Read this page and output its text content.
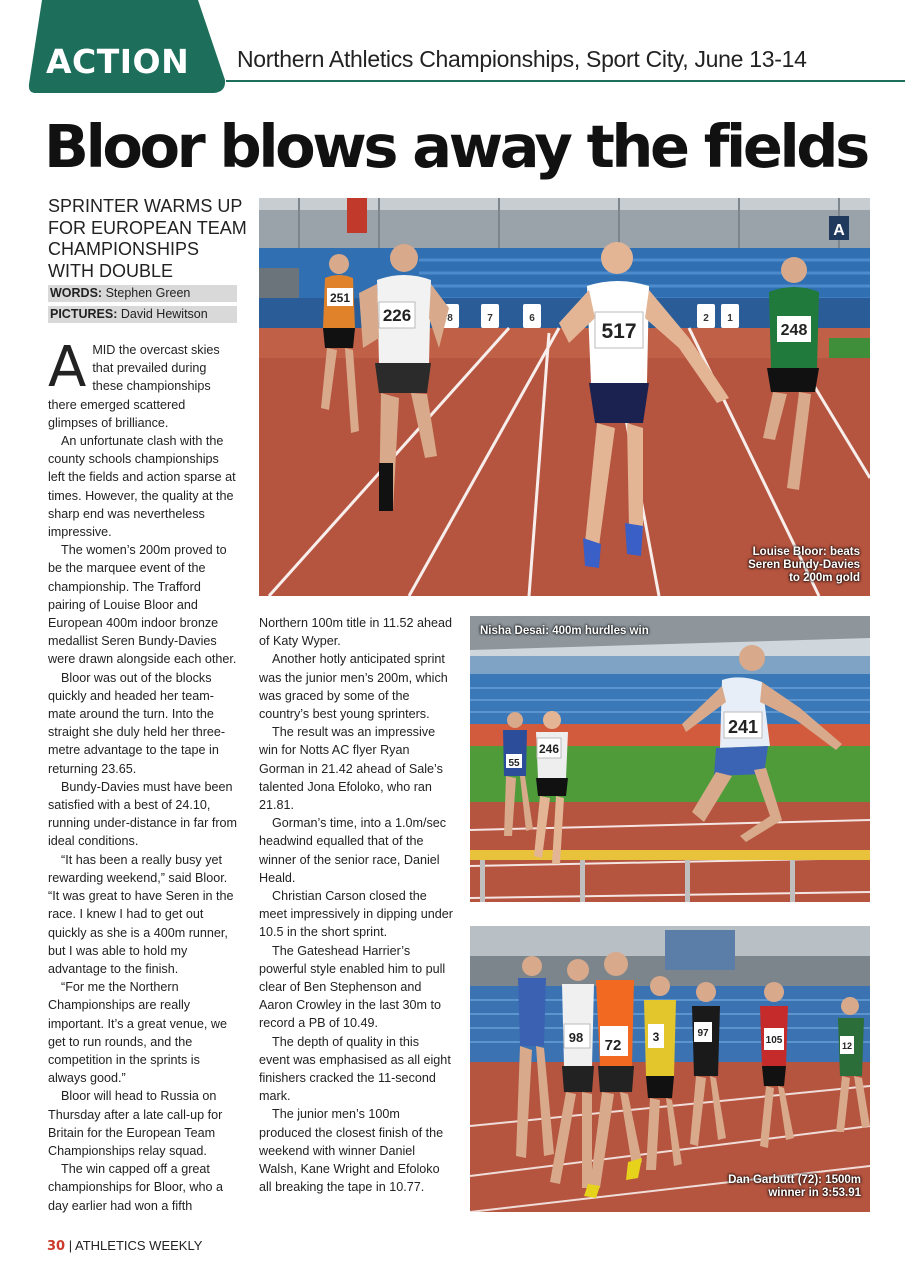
ACTION Northern Athletics Championships, Sport City, June 13-14
Bloor blows away the fields
SPRINTER WARMS UP FOR EUROPEAN TEAM CHAMPIONSHIPS WITH DOUBLE
WORDS: Stephen Green
PICTURES: David Hewitson

AMID the overcast skies that prevailed during these championships there emerged scattered glimpses of brilliance.

An unfortunate clash with the county schools championships left the fields and action sparse at times. However, the quality at the sharp end was nevertheless impressive.

The women’s 200m proved to be the marquee event of the championship. The Trafford pairing of Louise Bloor and European 400m indoor bronze medallist Seren Bundy-Davies were drawn alongside each other.

Bloor was out of the blocks quickly and headed her team-mate around the turn. Into the straight she duly held her three-metre advantage to the tape in returning 23.65.

Bundy-Davies must have been satisfied with a best of 24.10, running under-distance in far from ideal conditions.

“It has been a really busy yet rewarding weekend,” said Bloor. “It was great to have Seren in the race. I knew I had to get out quickly as she is a 400m runner, but I was able to hold my advantage to the finish.

“For me the Northern Championships are really important. It’s a great venue, we get to run rounds, and the competition in the sprints is always good.”

Bloor will head to Russia on Thursday after a late call-up for Britain for the European Team Championships relay squad.

The win capped off a great championships for Bloor, who a day earlier had won a fifth

Northern 100m title in 11.52 ahead of Katy Wyper.

Another hotly anticipated sprint was the junior men’s 200m, which was graced by some of the country’s best young sprinters.

The result was an impressive win for Notts AC flyer Ryan Gorman in 21.42 ahead of Sale’s talented Jona Efoloko, who ran 21.81.

Gorman’s time, into a 1.0m/sec headwind equalled that of the winner of the senior race, Daniel Heald.

Christian Carson closed the meet impressively in dipping under 10.5 in the short sprint.

The Gateshead Harrier’s powerful style enabled him to pull clear of Ben Stephenson and Aaron Crowley in the last 30m to record a PB of 10.49.

The depth of quality in this event was emphasised as all eight finishers cracked the 11-second mark.

The junior men’s 100m produced the closest finish of the weekend with winner Daniel Walsh, Kane Wright and Efoloko all breaking the tape in 10.77.

A
8	7	6	2 1
251
226
517	248
Louise Bloor: beats Seren Bundy-Davies to 200m gold
55
246
241
Nisha Desai: 400m hurdles win
98 72	3	97
105	12
Dan Garbutt (72): 1500m winner in 3:53.91
30 | ATHLETICS WEEKLY
